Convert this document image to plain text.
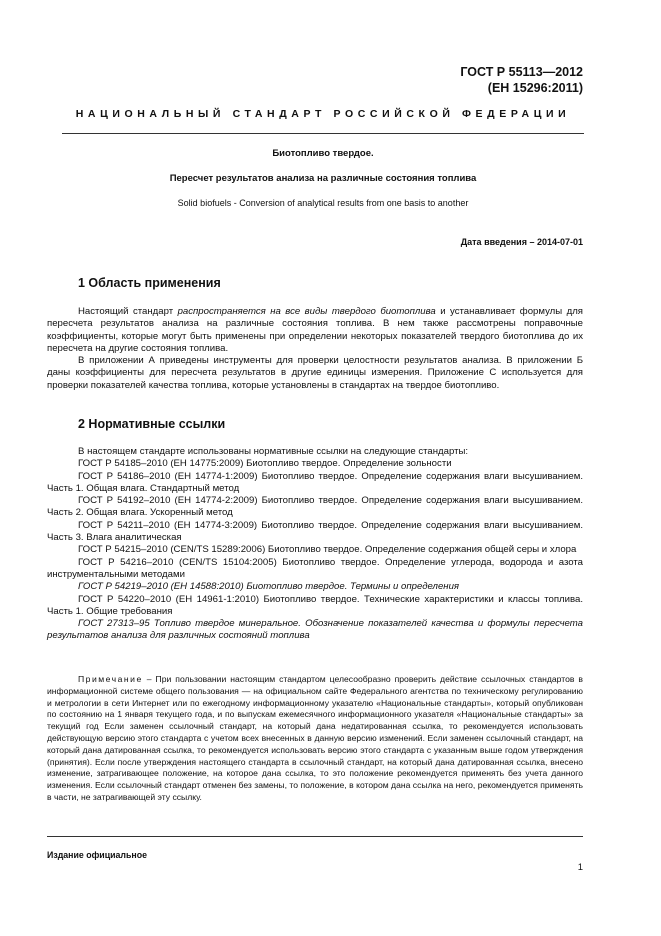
ГОСТ Р 55113—2012
(ЕН 15296:2011)
НАЦИОНАЛЬНЫЙ СТАНДАРТ РОССИЙСКОЙ ФЕДЕРАЦИИ
Биотопливо твердое.
Пересчет результатов анализа на различные состояния топлива
Solid biofuels - Conversion of analytical results from one basis to another
Дата введения – 2014-07-01
1 Область применения

Настоящий стандарт распространяется на все виды твердого биотоплива и устанавливает формулы для пересчета результатов анализа на различные состояния топлива. В нем также рассмотрены поправочные коэффициенты, которые могут быть применены при определении некоторых показателей твердого биотоплива до их пересчета на другие состояния топлива.

В приложении А приведены инструменты для проверки целостности результатов анализа. В приложении Б даны коэффициенты для пересчета результатов в другие единицы измерения. Приложение С используется для проверки показателей качества топлива, которые установлены в стандартах на твердое биотопливо.

2 Нормативные ссылки

В настоящем стандарте использованы нормативные ссылки на следующие стандарты:

ГОСТ Р 54185–2010 (ЕН 14775:2009) Биотопливо твердое. Определение зольности

ГОСТ Р 54186–2010 (ЕН 14774-1:2009) Биотопливо твердое. Определение содержания влаги высушиванием. Часть 1. Общая влага. Стандартный метод

ГОСТ Р 54192–2010 (ЕН 14774-2:2009) Биотопливо твердое. Определение содержания влаги высушиванием. Часть 2. Общая влага. Ускоренный метод

ГОСТ Р 54211–2010 (ЕН 14774-3:2009) Биотопливо твердое. Определение содержания влаги высушиванием. Часть 3. Влага аналитическая

ГОСТ Р 54215–2010 (CEN/TS 15289:2006) Биотопливо твердое. Определение содержания общей серы и хлора

ГОСТ Р 54216–2010 (CEN/TS 15104:2005) Биотопливо твердое. Определение углерода, водорода и азота инструментальными методами

ГОСТ Р 54219–2010 (ЕН 14588:2010) Биотопливо твердое. Термины и определения

ГОСТ Р 54220–2010 (ЕН 14961-1:2010) Биотопливо твердое. Технические характеристики и классы топлива. Часть 1. Общие требования

ГОСТ 27313–95 Топливо твердое минеральное. Обозначение показателей качества и формулы пересчета результатов анализа для различных состояний топлива

Примечание – При пользовании настоящим стандартом целесообразно проверить действие ссылочных стандартов в информационной системе общего пользования — на официальном сайте Федерального агентства по техническому регулированию и метрологии в сети Интернет или по ежегодному информационному указателю «Национальные стандарты», который опубликован по состоянию на 1 января текущего года, и по выпускам ежемесячного информационного указателя «Национальные стандарты» за текущий год Если заменен ссылочный стандарт, на который дана недатированная ссылка, то рекомендуется использовать действующую версию этого стандарта с учетом всех внесенных в данную версию изменений. Если заменен ссылочный стандарт, на который дана датированная ссылка, то рекомендуется использовать версию этого стандарта с указанным выше годом утверждения (принятия). Если после утверждения настоящего стандарта в ссылочный стандарт, на который дана датированная ссылка, внесено изменение, затрагивающее положение, на которое дана ссылка, то это положение рекомендуется применять без учета данного изменения. Если ссылочный стандарт отменен без замены, то положение, в котором дана ссылка на него, рекомендуется применять в части, не затрагивающей эту ссылку.
Издание официальное
1
